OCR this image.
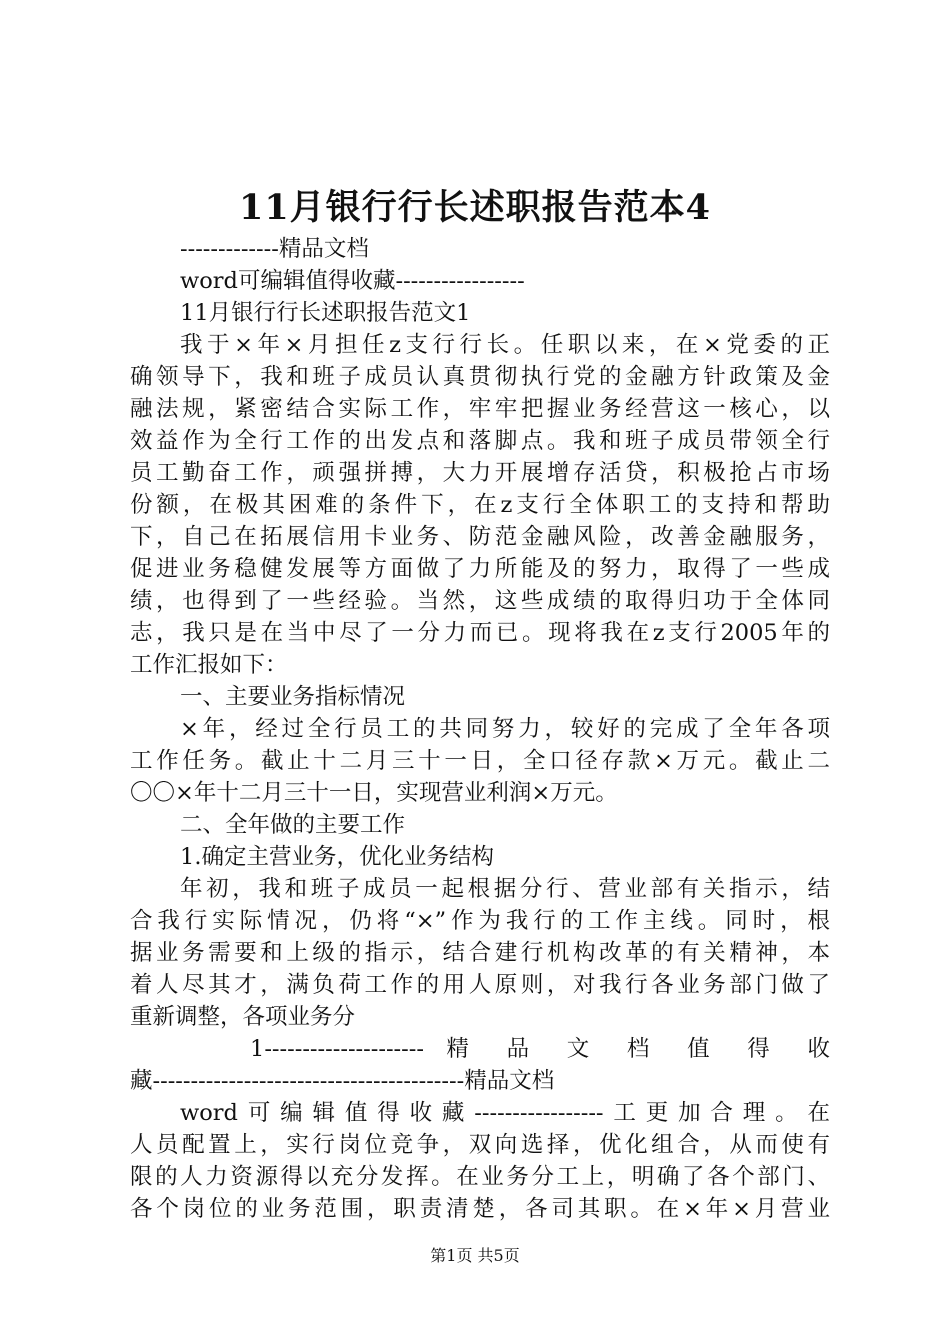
11月银行行长述职报告范本4
-------------精品文档
word可编辑值得收藏-----------------
11月银行行长述职报告范文1
我于×年×月担任z支行行长。任职以来，在×党委的正
确领导下，我和班子成员认真贯彻执行党的金融方针政策及金
融法规，紧密结合实际工作，牢牢把握业务经营这一核心，以
效益作为全行工作的出发点和落脚点。我和班子成员带领全行
员工勤奋工作，顽强拼搏，大力开展增存活贷，积极抢占市场
份额，在极其困难的条件下，在z支行全体职工的支持和帮助
下，自己在拓展信用卡业务、防范金融风险，改善金融服务，
促进业务稳健发展等方面做了力所能及的努力，取得了一些成
绩，也得到了一些经验。当然，这些成绩的取得归功于全体同
志，我只是在当中尽了一分力而已。现将我在z支行2005年的
工作汇报如下：
一、主要业务指标情况
×年，经过全行员工的共同努力，较好的完成了全年各项
工作任务。截止十二月三十一日，全口径存款×万元。截止二
〇〇×年十二月三十一日，实现营业利润×万元。
二、全年做的主要工作
1.确定主营业务，优化业务结构
年初，我和班子成员一起根据分行、营业部有关指示，结
合我行实际情况，仍将“×”作为我行的工作主线。同时，根
据业务需要和上级的指示，结合建行机构改革的有关精神，本
着人尽其才，满负荷工作的用人原则，对我行各业务部门做了
重新调整，各项业务分
1--------------------- 精 品 文 档 值 得 收
藏-----------------------------------------精品文档
word可编辑值得收藏-----------------工更加合理。在
人员配置上，实行岗位竞争，双向选择，优化组合，从而使有
限的人力资源得以充分发挥。在业务分工上，明确了各个部门、
各个岗位的业务范围，职责清楚，各司其职。在×年×月营业
第1页 共5页
